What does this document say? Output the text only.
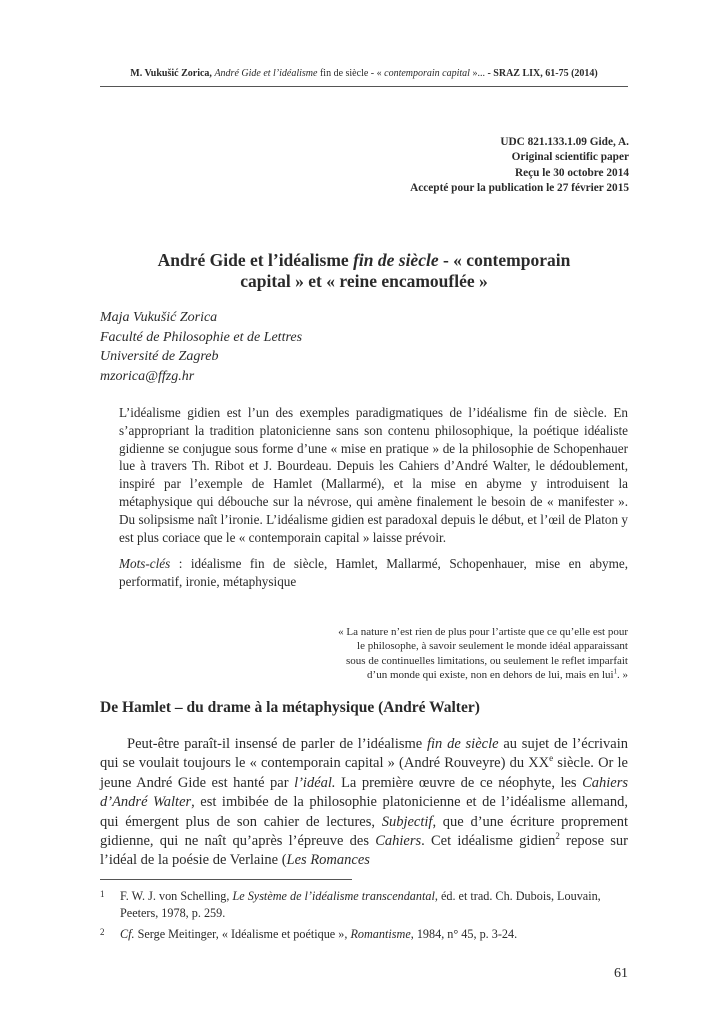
M. Vukušić Zorica, André Gide et l’idéalisme fin de siècle - « contemporain capital »... - SRAZ LIX, 61-75 (2014)
UDC 821.133.1.09 Gide, A.
Original scientific paper
Reçu le 30 octobre 2014
Accepté pour la publication le 27 février 2015
André Gide et l’idéalisme fin de siècle - « contemporain
capital » et « reine encamouflée »
Maja Vukušić Zorica
Faculté de Philosophie et de Lettres
Université de Zagreb
mzorica@ffzg.hr

L’idéalisme gidien est l’un des exemples paradigmatiques de l’idéalisme fin de siècle. En s’appropriant la tradition platonicienne sans son contenu philosophique, la poétique idéaliste gidienne se conjugue sous forme d’une « mise en pratique » de la philosophie de Schopenhauer lue à travers Th. Ribot et J. Bourdeau. Depuis les Cahiers d’André Walter, le dédoublement, inspiré par l’exemple de Hamlet (Mallarmé), et la mise en abyme y introduisent la métaphysique qui débouche sur la névrose, qui amène finalement le besoin de « manifester ». Du solipsisme naît l’ironie. L’idéalisme gidien est paradoxal depuis le début, et l’œil de Platon y est plus coriace que le « contemporain capital » laisse prévoir.

Mots-clés : idéalisme fin de siècle, Hamlet, Mallarmé, Schopenhauer, mise en abyme, performatif, ironie, métaphysique

« La nature n’est rien de plus pour l’artiste que ce qu’elle est pour
le philosophe, à savoir seulement le monde idéal apparaissant
sous de continuelles limitations, ou seulement le reflet imparfait
d’un monde qui existe, non en dehors de lui, mais en lui$^1$. »
De Hamlet – du drame à la métaphysique (André Walter)

Peut-être paraît-il insensé de parler de l’idéalisme fin de siècle au sujet de l’écrivain qui se voulait toujours le « contemporain capital » (André Rouveyre) du XXe siècle. Or le jeune André Gide est hanté par l’idéal. La première œuvre de ce néophyte, les Cahiers d’André Walter, est imbibée de la philosophie platonicienne et de l’idéalisme allemand, qui émergent plus de son cahier de lectures, Subjectif, que d’une écriture proprement gidienne, qui ne naît qu’après l’épreuve des Cahiers. Cet idéalisme gidien$^2$ repose sur l’idéal de la poésie de Verlaine (Les Romances

1	F. W. J. von Schelling, Le Système de l’idéalisme transcendantal, éd. et trad. Ch. Dubois, Louvain, Peeters, 1978, p. 259.
2	Cf. Serge Meitinger, « Idéalisme et poétique », Romantisme, 1984, n° 45, p. 3-24.
61
